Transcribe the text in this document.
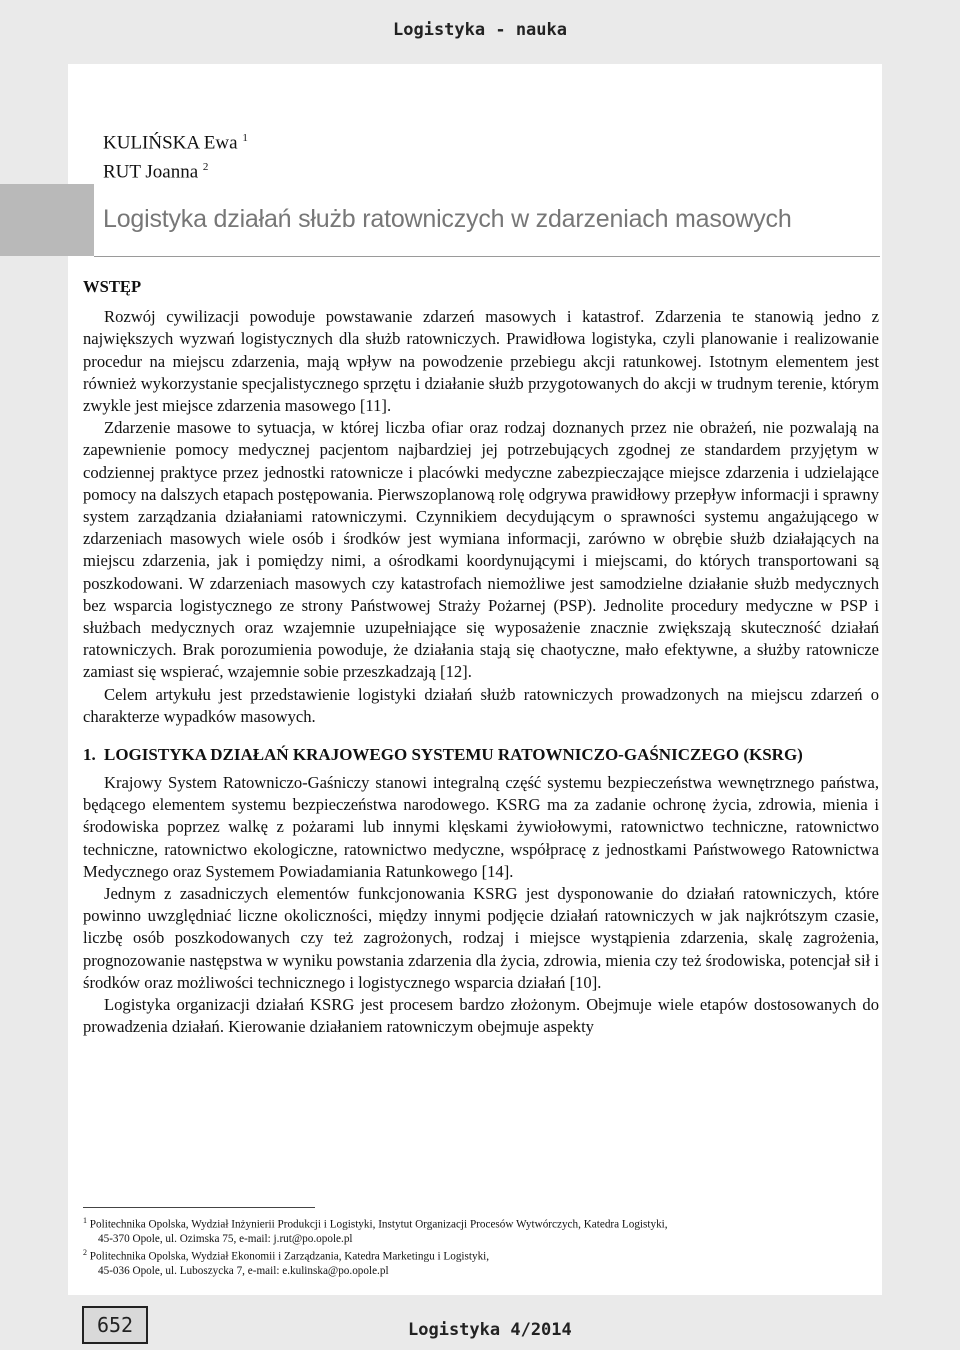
Logistyka - nauka
KULIŃSKA Ewa $^1$
RUT Joanna $^2$
Logistyka działań służb ratowniczych w zdarzeniach masowych
WSTĘP

Rozwój cywilizacji powoduje powstawanie zdarzeń masowych i katastrof. Zdarzenia te stanowią jedno z największych wyzwań logistycznych dla służb ratowniczych. Prawidłowa logistyka, czyli planowanie i realizowanie procedur na miejscu zdarzenia, mają wpływ na powodzenie przebiegu akcji ratunkowej. Istotnym elementem jest również wykorzystanie specjalistycznego sprzętu i działanie służb przygotowanych do akcji w trudnym terenie, którym zwykle jest miejsce zdarzenia masowego [11].

Zdarzenie masowe to sytuacja, w której liczba ofiar oraz rodzaj doznanych przez nie obrażeń, nie pozwalają na zapewnienie pomocy medycznej pacjentom najbardziej jej potrzebujących zgodnej ze standardem przyjętym w codziennej praktyce przez jednostki ratownicze i placówki medyczne zabezpieczające miejsce zdarzenia i udzielające pomocy na dalszych etapach postępowania. Pierwszoplanową rolę odgrywa prawidłowy przepływ informacji i sprawny system zarządzania działaniami ratowniczymi. Czynnikiem decydującym o sprawności systemu angażującego w zdarzeniach masowych wiele osób i środków jest wymiana informacji, zarówno w obrębie służb działających na miejscu zdarzenia, jak i pomiędzy nimi, a ośrodkami koordynującymi i miejscami, do których transportowani są poszkodowani. W zdarzeniach masowych czy katastrofach niemożliwe jest samodzielne działanie służb medycznych bez wsparcia logistycznego ze strony Państwowej Straży Pożarnej (PSP). Jednolite procedury medyczne w PSP i służbach medycznych oraz wzajemnie uzupełniające się wyposażenie znacznie zwiększają skuteczność działań ratowniczych. Brak porozumienia powoduje, że działania stają się chaotyczne, mało efektywne, a służby ratownicze zamiast się wspierać, wzajemnie sobie przeszkadzają [12].

Celem artykułu jest przedstawienie logistyki działań służb ratowniczych prowadzonych na miejscu zdarzeń o charakterze wypadków masowych.

1. LOGISTYKA DZIAŁAŃ KRAJOWEGO SYSTEMU RATOWNICZO-GAŚNICZEGO (KSRG)

Krajowy System Ratowniczo-Gaśniczy stanowi integralną część systemu bezpieczeństwa wewnętrznego państwa, będącego elementem systemu bezpieczeństwa narodowego. KSRG ma za zadanie ochronę życia, zdrowia, mienia i środowiska poprzez walkę z pożarami lub innymi klęskami żywiołowymi, ratownictwo techniczne, ratownictwo techniczne, ratownictwo ekologiczne, ratownictwo medyczne, współpracę z jednostkami Państwowego Ratownictwa Medycznego oraz Systemem Powiadamiania Ratunkowego [14].

Jednym z zasadniczych elementów funkcjonowania KSRG jest dysponowanie do działań ratowniczych, które powinno uwzględniać liczne okoliczności, między innymi podjęcie działań ratowniczych w jak najkrótszym czasie, liczbę osób poszkodowanych czy też zagrożonych, rodzaj i miejsce wystąpienia zdarzenia, skalę zagrożenia, prognozowanie następstwa w wyniku powstania zdarzenia dla życia, zdrowia, mienia czy też środowiska, potencjał sił i środków oraz możliwości technicznego i logistycznego wsparcia działań [10].

Logistyka organizacji działań KSRG jest procesem bardzo złożonym. Obejmuje wiele etapów dostosowanych do prowadzenia działań. Kierowanie działaniem ratowniczym obejmuje aspekty

$^1$ Politechnika Opolska, Wydział Inżynierii Produkcji i Logistyki, Instytut Organizacji Procesów Wytwórczych, Katedra Logistyki,
45-370 Opole, ul. Ozimska 75, e-mail: j.rut@po.opole.pl
$^2$ Politechnika Opolska, Wydział Ekonomii i Zarządzania, Katedra Marketingu i Logistyki,
45-036 Opole, ul. Luboszycka 7, e-mail: e.kulinska@po.opole.pl
652	Logistyka 4/2014
